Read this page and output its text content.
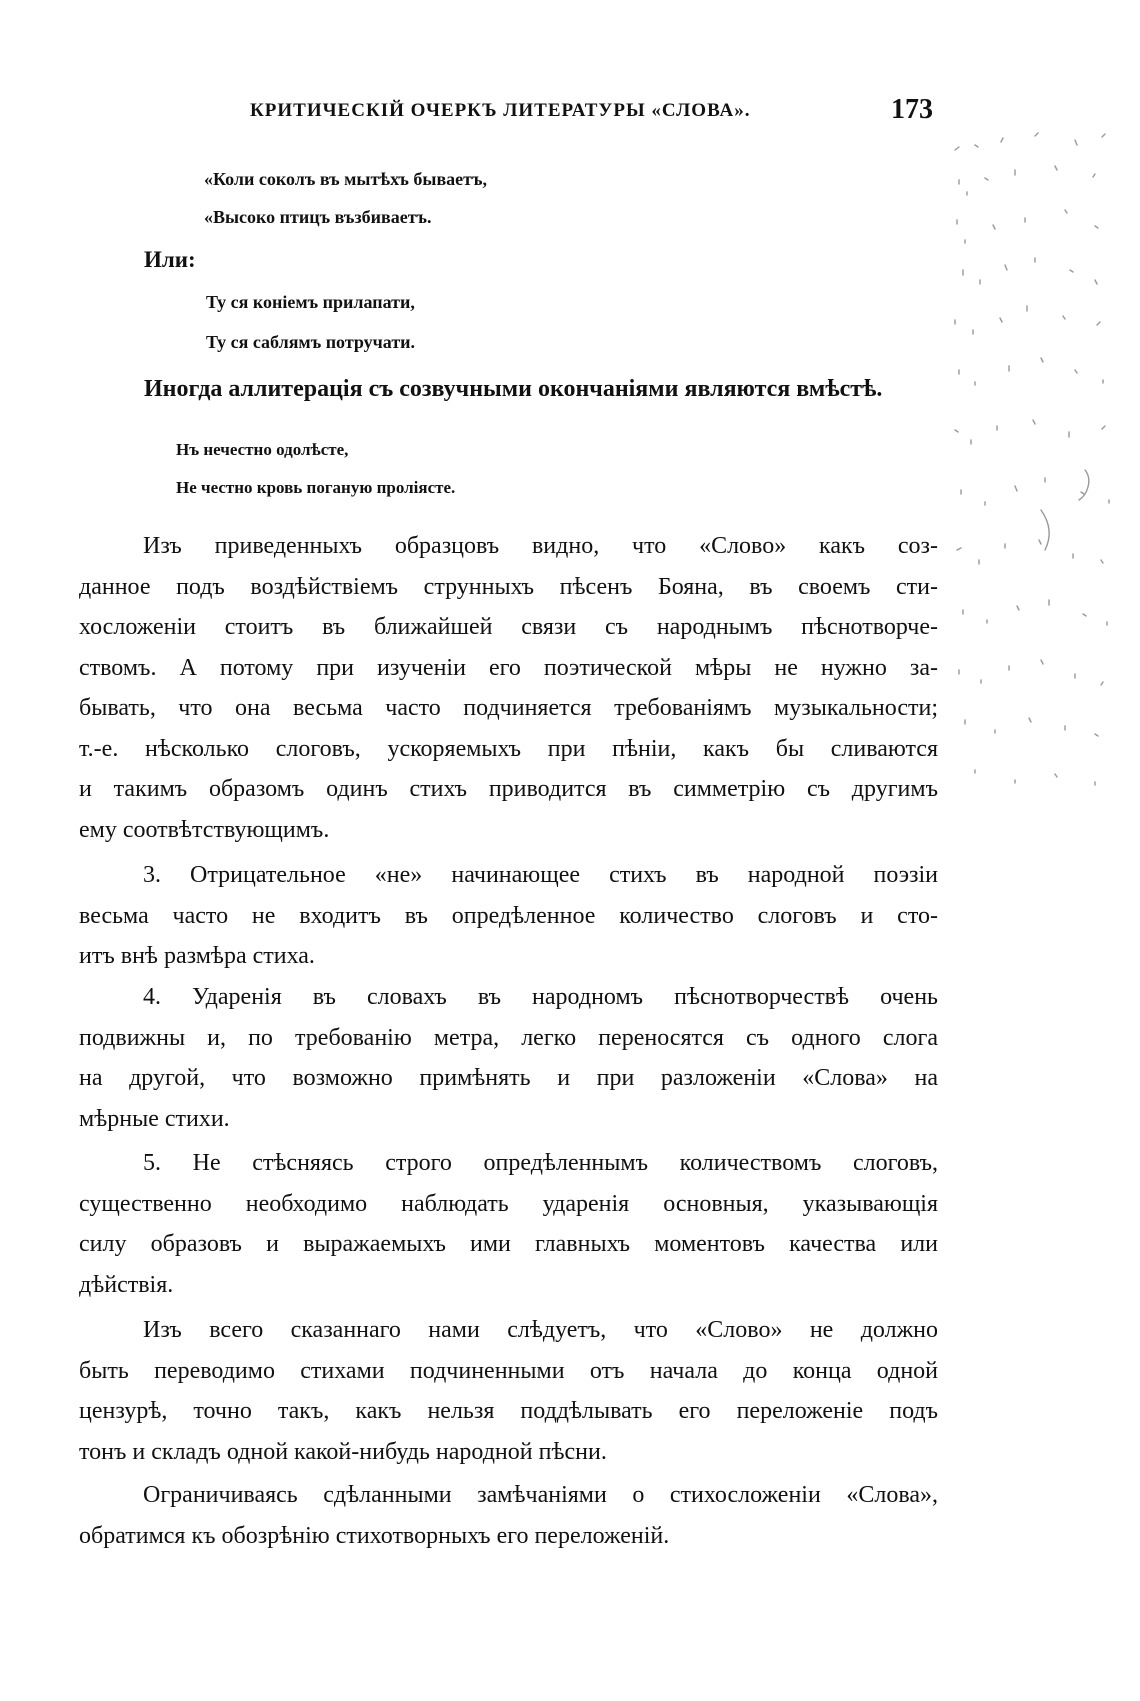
КРИТИЧЕСКІЙ ОЧЕРКЪ ЛИТЕРАТУРЫ «СЛОВА».	173
«Коли соколъ въ мытѣхъ бываетъ,
«Высоко птицъ възбиваетъ.
Или:
Ту ся коніемъ прилапати,
Ту ся саблямъ потручати.
Иногда аллитерація съ созвучными окончаніями являются вмѣстѣ.
Нъ нечестно одолѣсте,
Не честно кровь поганую пролiясте.
Изъ приведенныхъ образцовъ видно, что «Слово» какъ соз-
данное подъ воздѣйствіемъ струнныхъ пѣсенъ Бояна, въ своемъ сти-
хосложеніи стоитъ въ ближайшей связи съ народнымъ пѣснотворче-
ствомъ. А потому при изученіи его поэтической мѣры не нужно за-
бывать, что она весьма часто подчиняется требованіямъ музыкальности;
т.-е. нѣсколько слоговъ, ускоряемыхъ при пѣніи, какъ бы сливаются
и такимъ образомъ одинъ стихъ приводится въ симметрію съ другимъ
ему соотвѣтствующимъ.
3. Отрицательное «не» начинающее стихъ въ народной поэзіи
весьма часто не входитъ въ опредѣленное количество слоговъ и сто-
итъ внѣ размѣра стиха.
4. Ударенія въ словахъ въ народномъ пѣснотворчествѣ очень
подвижны и, по требованію метра, легко переносятся съ одного слога
на другой, что возможно примѣнять и при разложеніи «Слова» на
мѣрные стихи.
5. Не стѣсняясь строго опредѣленнымъ количествомъ слоговъ,
существенно необходимо наблюдать ударенія основныя, указывающія
силу образовъ и выражаемыхъ ими главныхъ моментовъ качества или
дѣйствія.
Изъ всего сказаннаго нами слѣдуетъ, что «Слово» не должно
быть переводимо стихами подчиненными отъ начала до конца одной
цензурѣ, точно такъ, какъ нельзя поддѣлывать его переложеніе подъ
тонъ и складъ одной какой-нибудь народной пѣсни.
Ограничиваясь сдѣланными замѣчаніями о стихосложеніи «Слова»,
обратимся къ обозрѣнію стихотворныхъ его переложеній.
